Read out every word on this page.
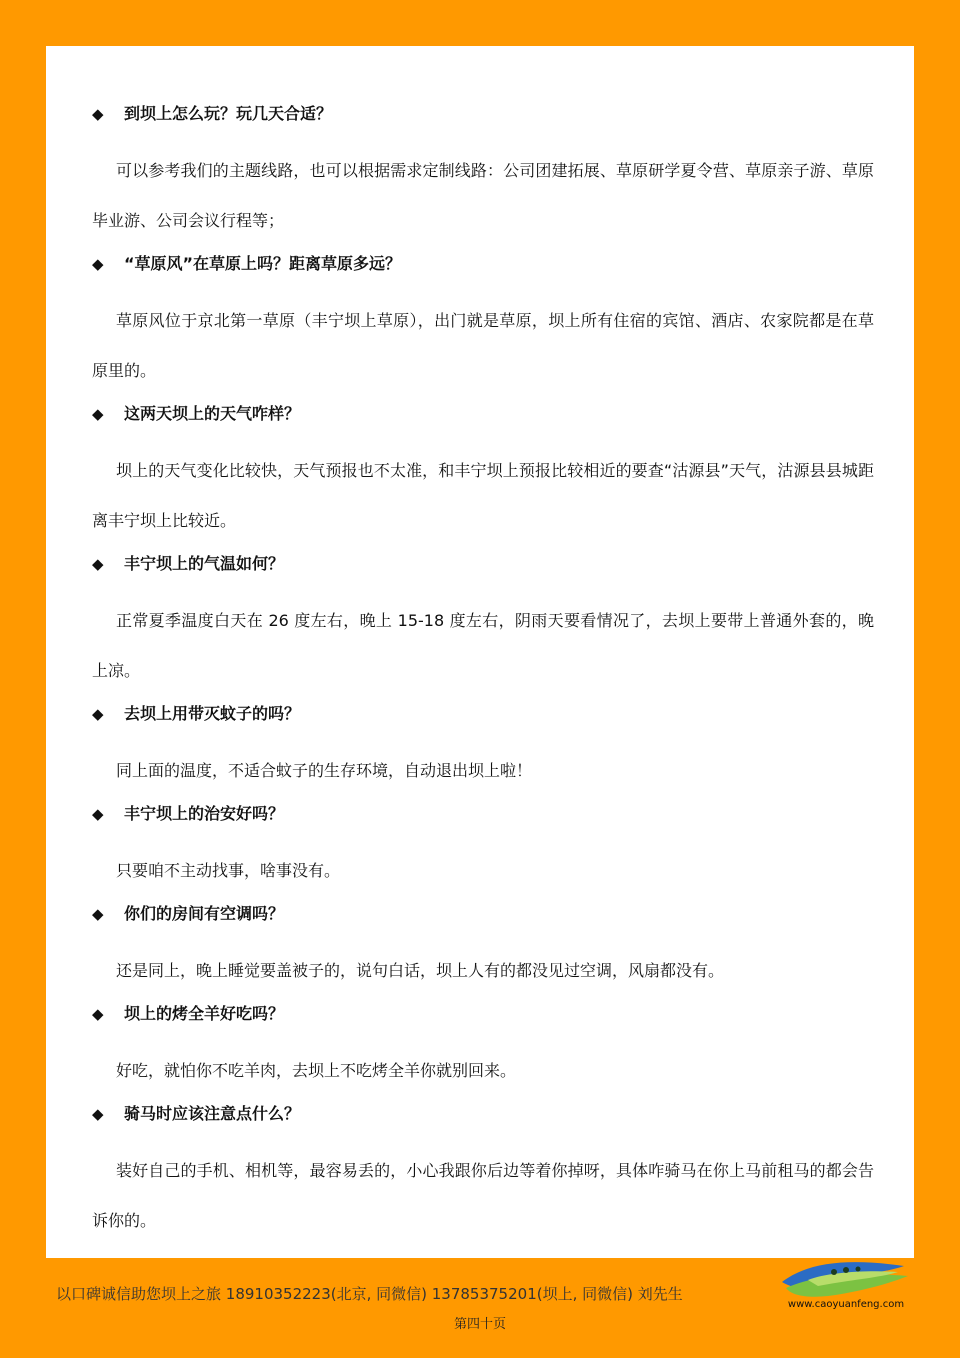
◆	到坝上怎么玩？玩几天合适？

可以参考我们的主题线路，也可以根据需求定制线路：公司团建拓展、草原研学夏令营、草原亲子游、草原毕业游、公司会议行程等；

◆	“草原风”在草原上吗？距离草原多远？

草原风位于京北第一草原（丰宁坝上草原），出门就是草原，坝上所有住宿的宾馆、酒店、农家院都是在草原里的。

◆	这两天坝上的天气咋样？

坝上的天气变化比较快，天气预报也不太准，和丰宁坝上预报比较相近的要查“沽源县”天气，沽源县县城距离丰宁坝上比较近。

◆	丰宁坝上的气温如何？

正常夏季温度白天在 26 度左右，晚上 15-18 度左右，阴雨天要看情况了，去坝上要带上普通外套的，晚上凉。

◆	去坝上用带灭蚊子的吗？

同上面的温度，不适合蚊子的生存环境，自动退出坝上啦！

◆	丰宁坝上的治安好吗？

只要咱不主动找事，啥事没有。

◆	你们的房间有空调吗？

还是同上，晚上睡觉要盖被子的，说句白话，坝上人有的都没见过空调，风扇都没有。

◆	坝上的烤全羊好吃吗？

好吃，就怕你不吃羊肉，去坝上不吃烤全羊你就别回来。

◆	骑马时应该注意点什么？

装好自己的手机、相机等，最容易丢的，小心我跟你后边等着你掉呀，具体咋骑马在你上马前租马的都会告诉你的。

以口碑诚信助您坝上之旅 18910352223(北京, 同微信) 13785375201(坝上, 同微信) 刘先生
第四十页
www.caoyuanfeng.com
